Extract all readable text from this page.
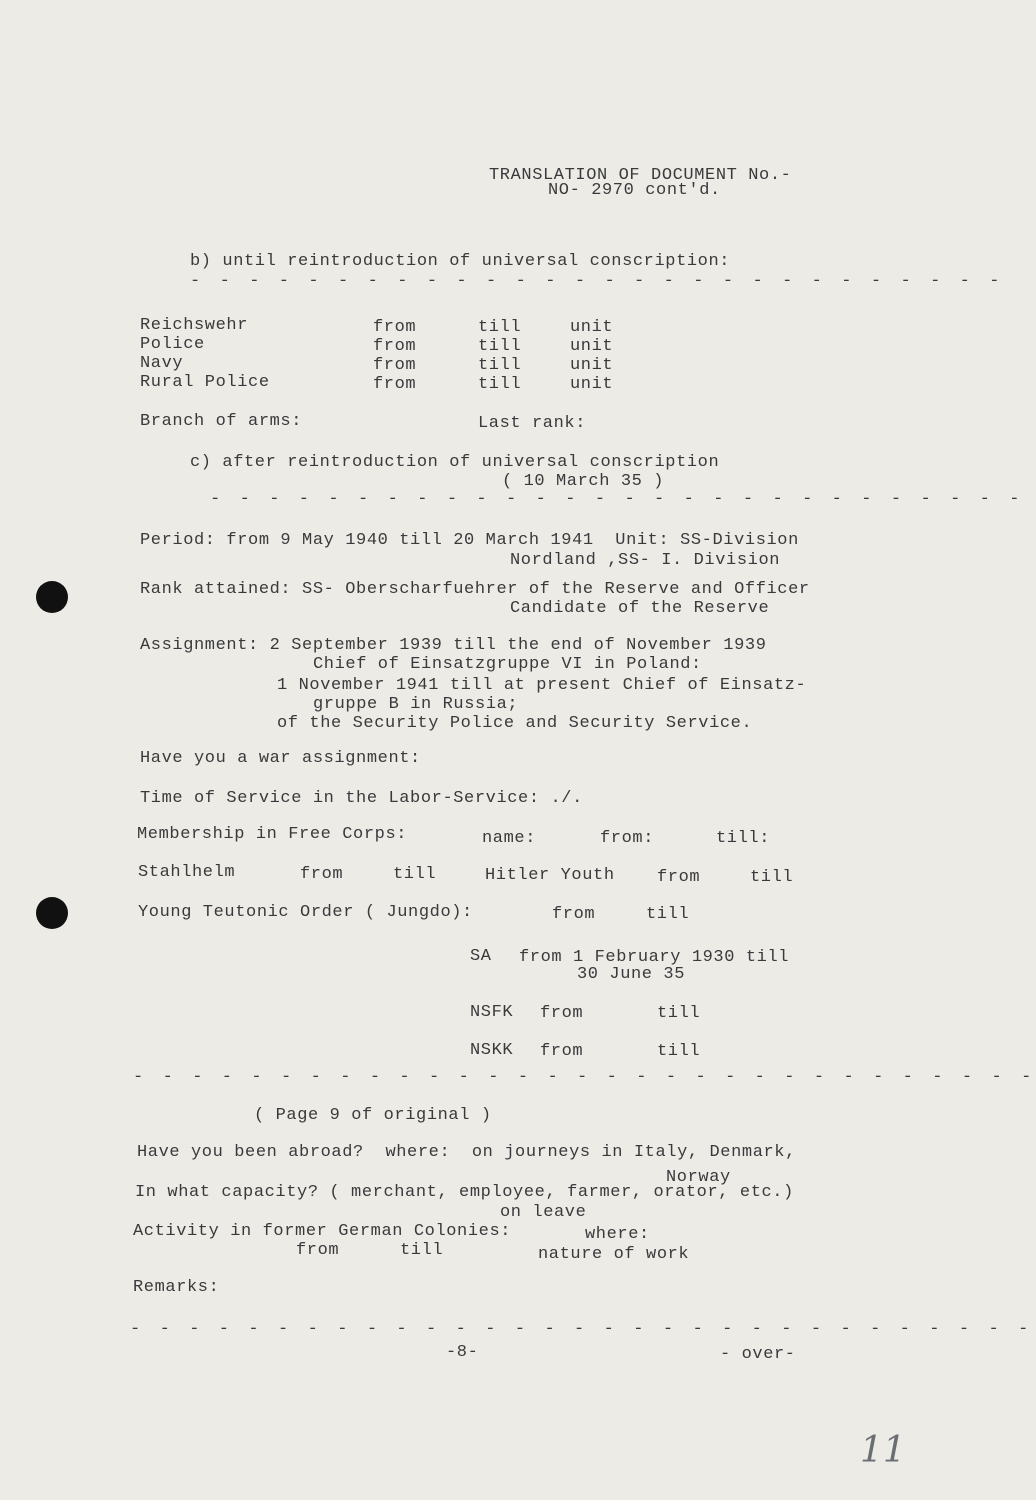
TRANSLATION OF DOCUMENT No.-
NO- 2970 cont'd.
b) until reintroduction of universal conscription:
- - - - - - - - - - - - - - - - - - - - - - - - - - - -
Reichswehr	from	till	unit
Police	from	till	unit
Navy	from	till	unit
Rural Police	from	till	unit
Branch of arms:	Last rank:
c) after reintroduction of universal conscription
( 10 March 35 )
- - - - - - - - - - - - - - - - - - - - - - - - - - - -
Period: from 9 May 1940 till 20 March 1941  Unit: SS-Division
Nordland ,SS- I. Division
Rank attained: SS- Oberscharfuehrer of the Reserve and Officer
Candidate of the Reserve
Assignment: 2 September 1939 till the end of November 1939
Chief of Einsatzgruppe VI in Poland:
1 November 1941 till at present Chief of Einsatz-
gruppe B in Russia;
of the Security Police and Security Service.
Have you a war assignment:
Time of Service in the Labor-Service: ./.
Membership in Free Corps:	name:	from:	till:
Stahlhelm	from	till	Hitler Youth from	till
Young Teutonic Order ( Jungdo):	from	till
SA from 1 February 1930 till
30 June 35
NSFK from	till
NSKK from	till
- - - - - - - - - - - - - - - - - - - - - - - - - - - - - - -
( Page 9 of original )
Have you been abroad?  where:  on journeys in Italy, Denmark,
Norway
In what capacity? ( merchant, employee, farmer, orator, etc.)
on leave
Activity in former German Colonies:	where:
from	till	nature of work
Remarks:
- - - - - - - - - - - - - - - - - - - - - - - - - - - - - - -
-8-	- over-
11
